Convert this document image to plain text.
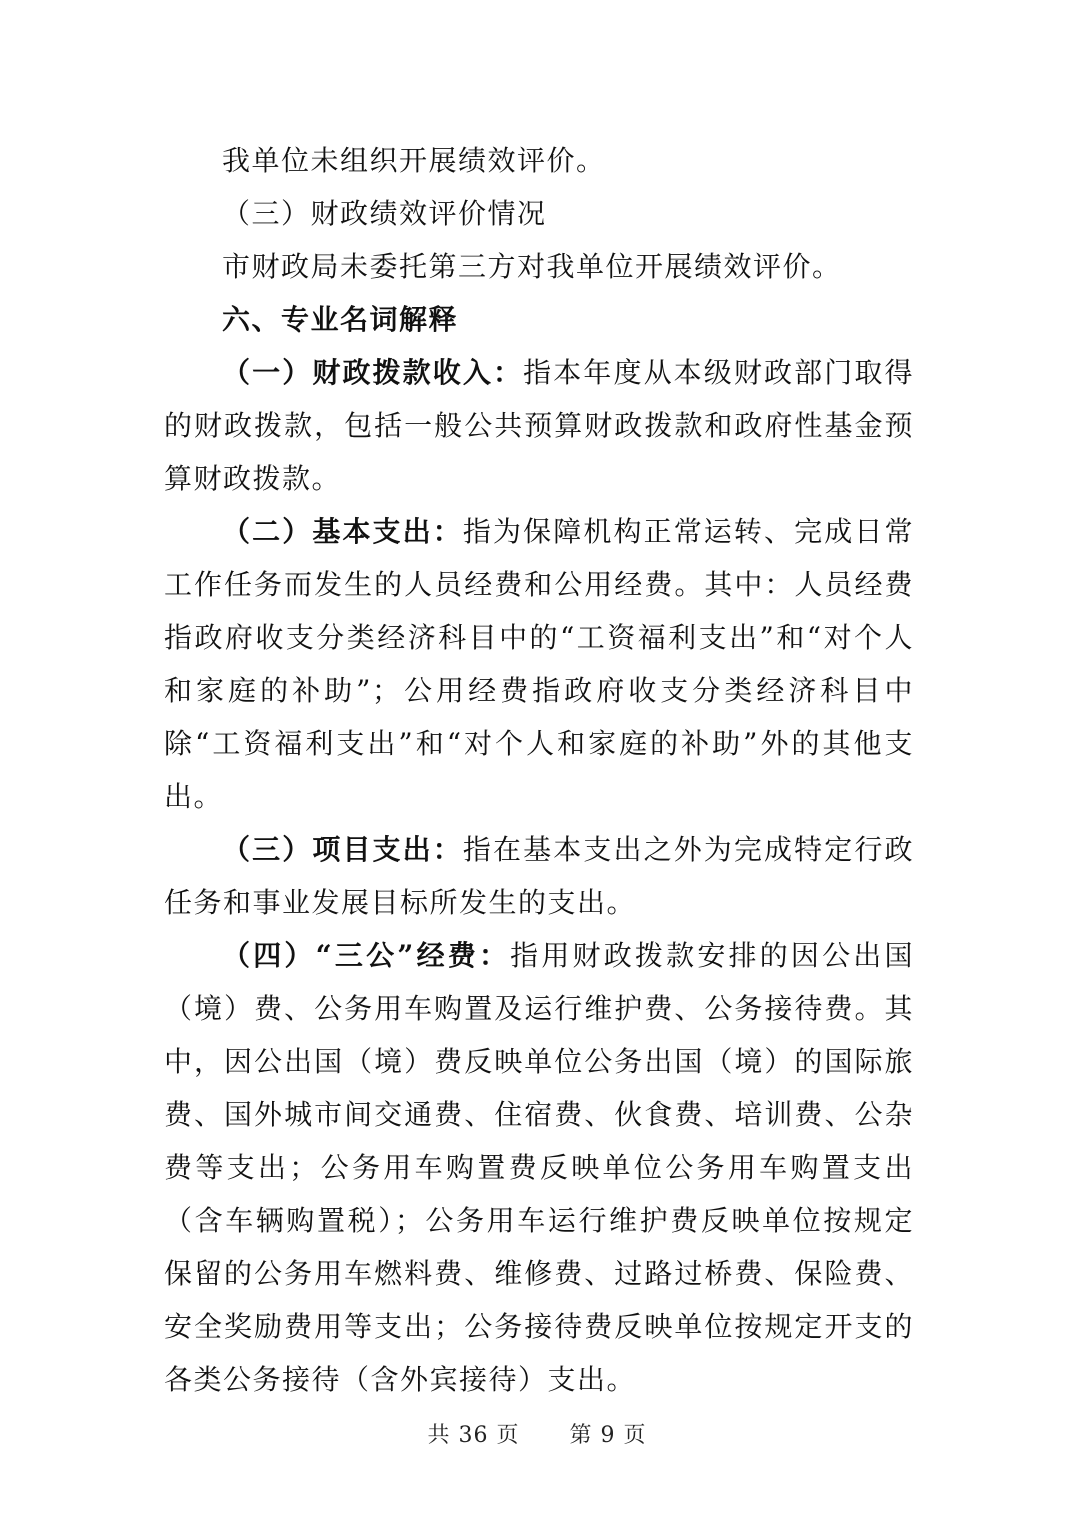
我单位未组织开展绩效评价。

（三）财政绩效评价情况

市财政局未委托第三方对我单位开展绩效评价。

六、专业名词解释

（一）财政拨款收入：指本年度从本级财政部门取得的财政拨款，包括一般公共预算财政拨款和政府性基金预算财政拨款。

（二）基本支出：指为保障机构正常运转、完成日常工作任务而发生的人员经费和公用经费。其中：人员经费指政府收支分类经济科目中的“工资福利支出”和“对个人和家庭的补助”；公用经费指政府收支分类经济科目中除“工资福利支出”和“对个人和家庭的补助”外的其他支出。

（三）项目支出：指在基本支出之外为完成特定行政任务和事业发展目标所发生的支出。

（四）“三公”经费：指用财政拨款安排的因公出国（境）费、公务用车购置及运行维护费、公务接待费。其中，因公出国（境）费反映单位公务出国（境）的国际旅费、国外城市间交通费、住宿费、伙食费、培训费、公杂费等支出；公务用车购置费反映单位公务用车购置支出（含车辆购置税）；公务用车运行维护费反映单位按规定保留的公务用车燃料费、维修费、过路过桥费、保险费、安全奖励费用等支出；公务接待费反映单位按规定开支的各类公务接待（含外宾接待）支出。

共 36 页 第 9 页
